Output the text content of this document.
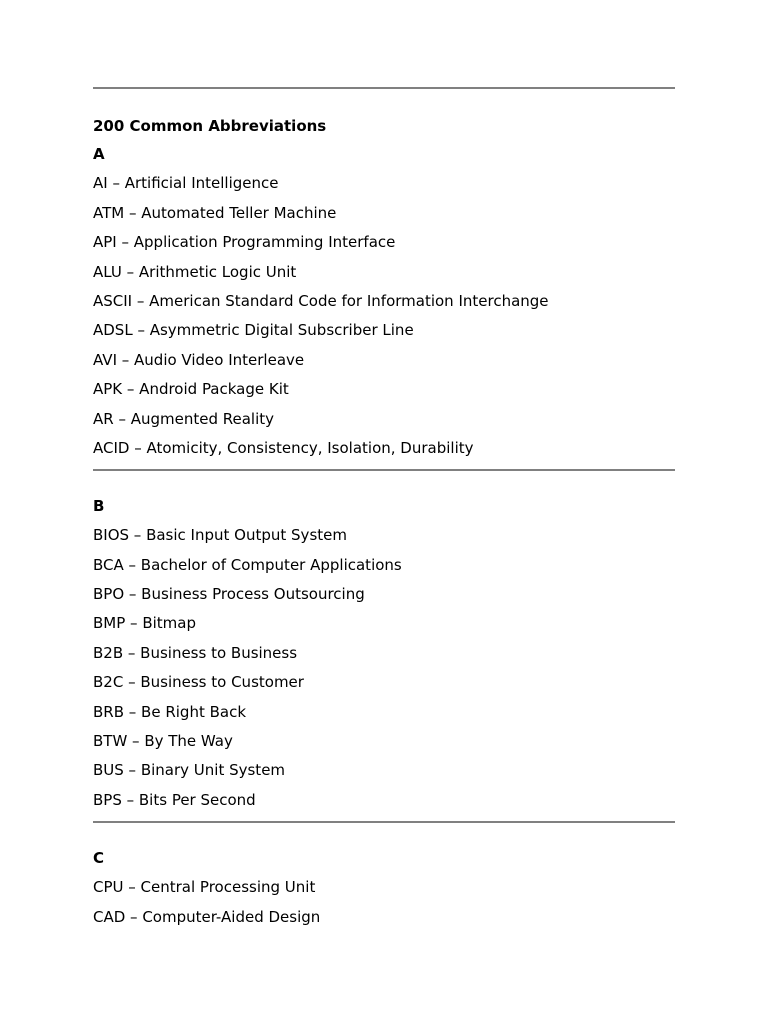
200 Common Abbreviations
A
AI – Artificial Intelligence
ATM – Automated Teller Machine
API – Application Programming Interface
ALU – Arithmetic Logic Unit
ASCII – American Standard Code for Information Interchange
ADSL – Asymmetric Digital Subscriber Line
AVI – Audio Video Interleave
APK – Android Package Kit
AR – Augmented Reality
ACID – Atomicity, Consistency, Isolation, Durability
B
BIOS – Basic Input Output System
BCA – Bachelor of Computer Applications
BPO – Business Process Outsourcing
BMP – Bitmap
B2B – Business to Business
B2C – Business to Customer
BRB – Be Right Back
BTW – By The Way
BUS – Binary Unit System
BPS – Bits Per Second
C
CPU – Central Processing Unit
CAD – Computer-Aided Design
